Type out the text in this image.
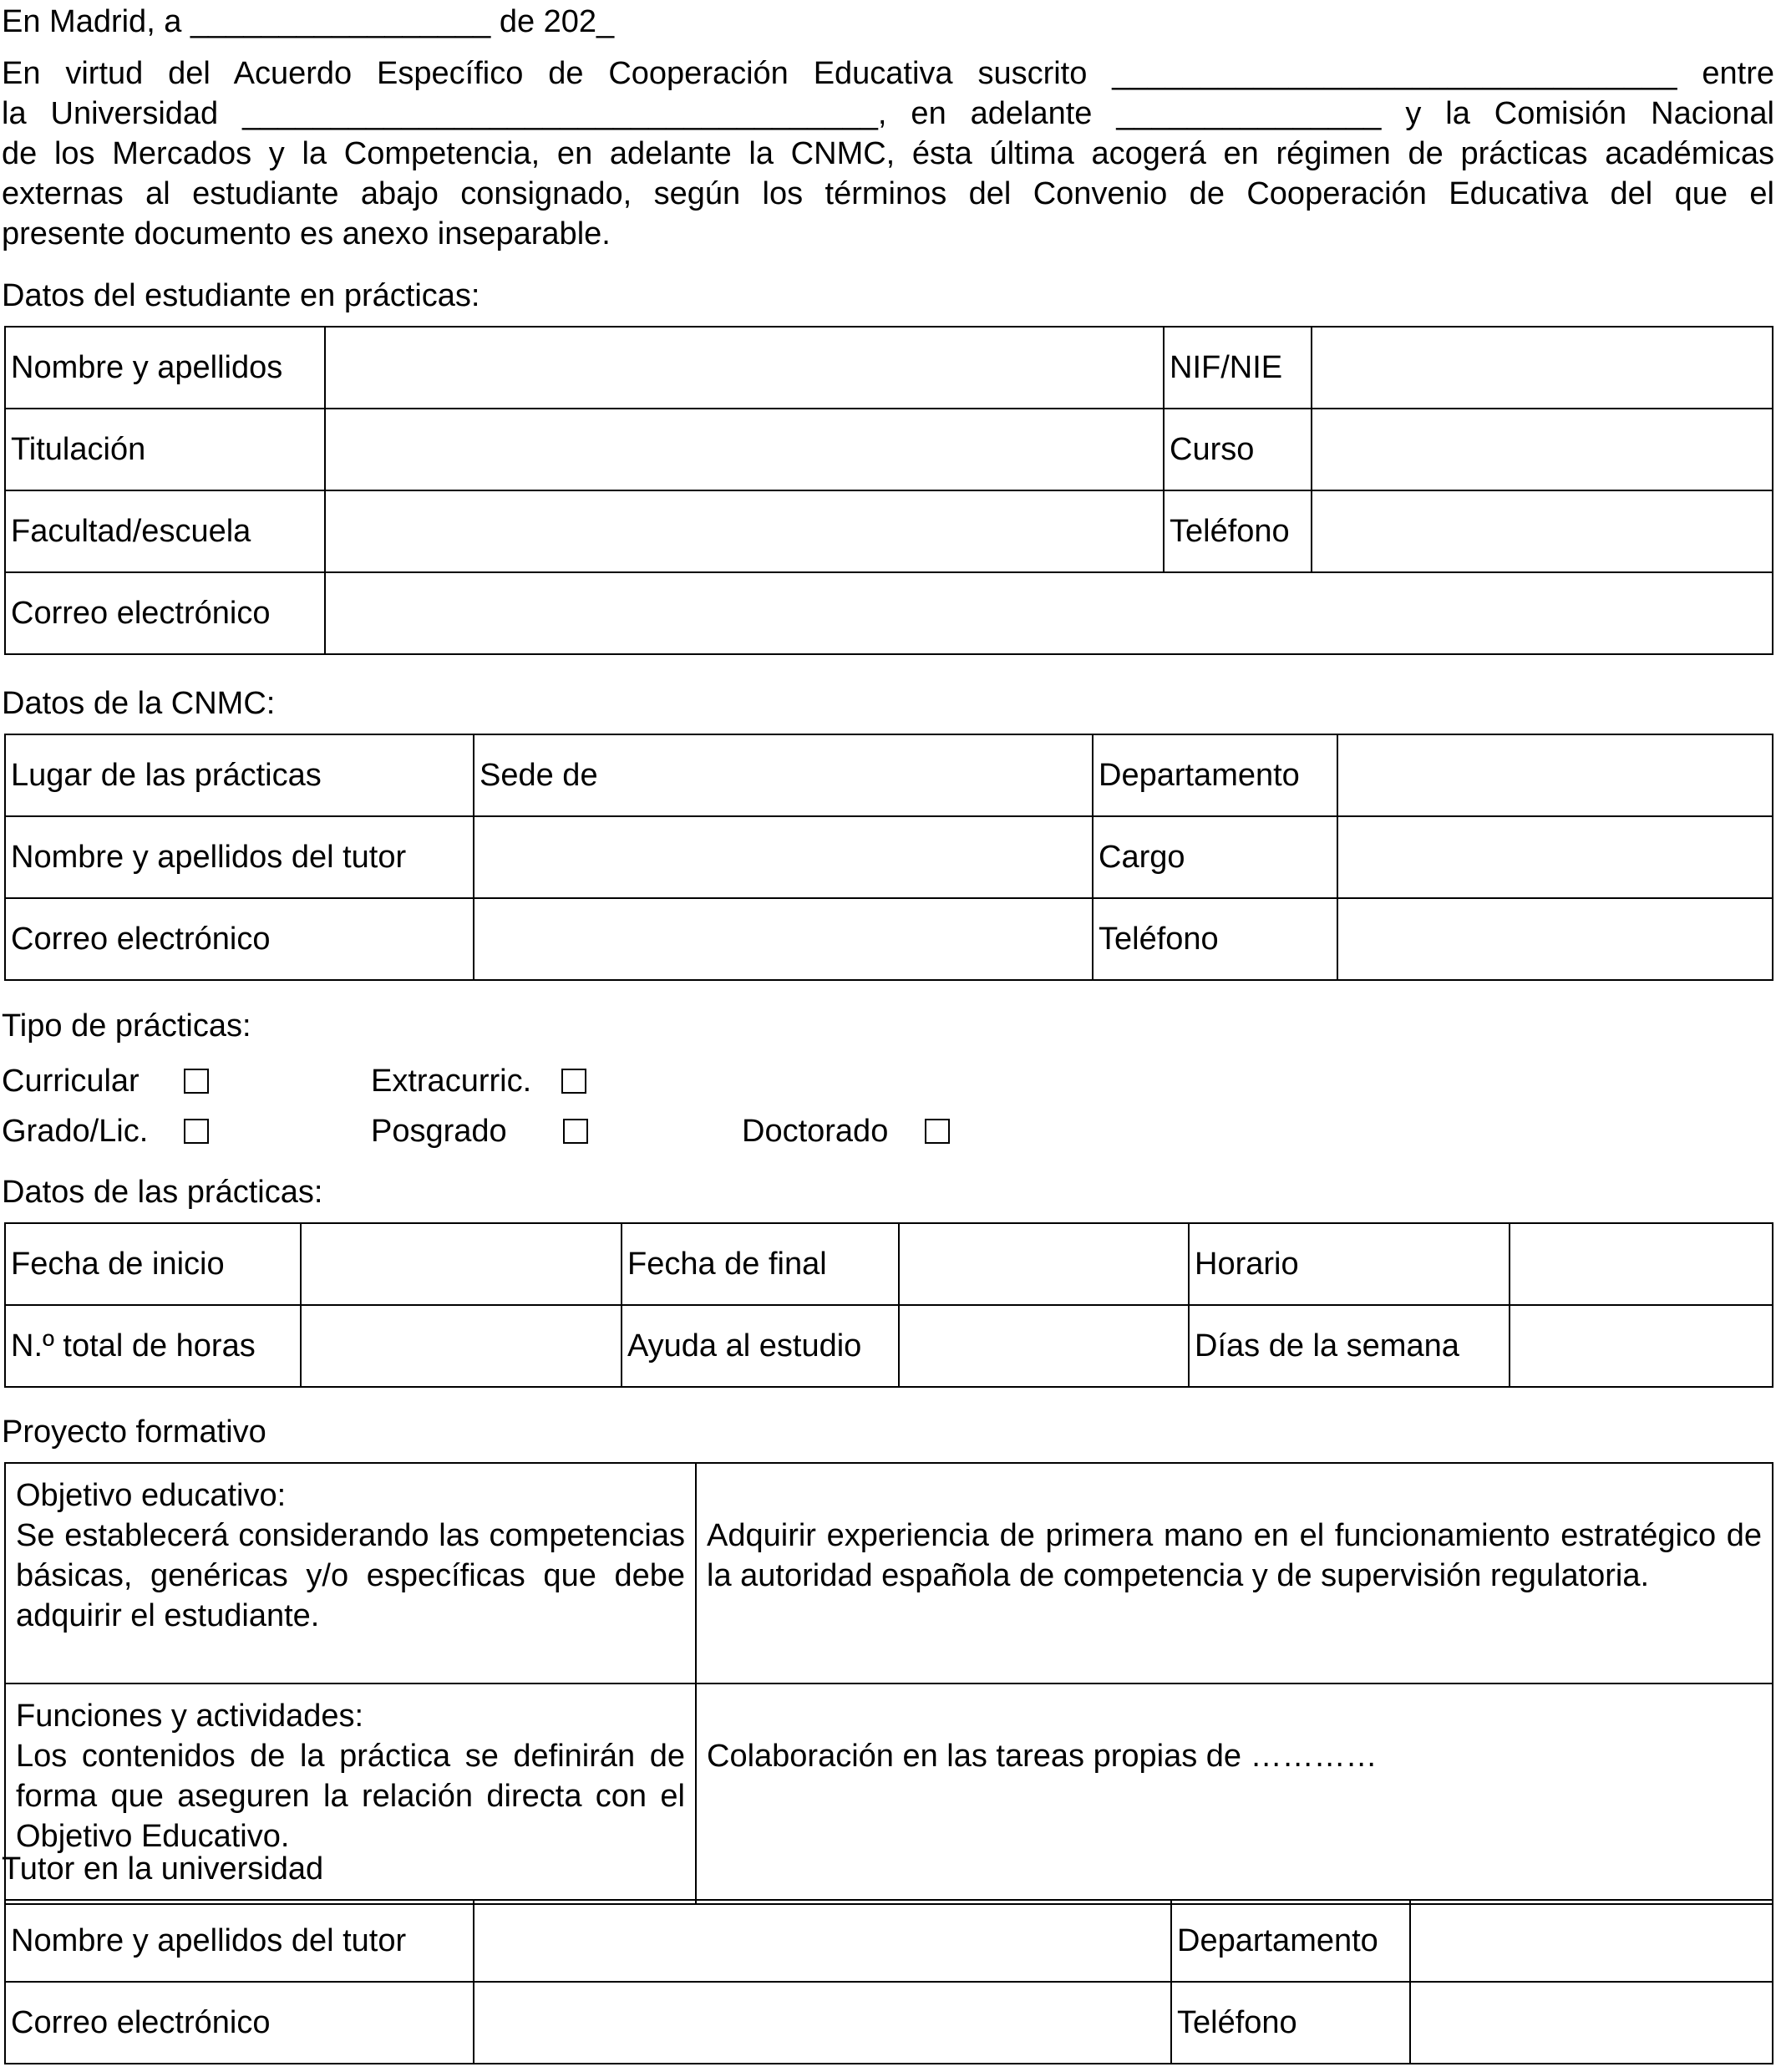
En Madrid, a _________________ de 202_
En virtud del Acuerdo Específico de Cooperación Educativa suscrito ________________________________ entre
la Universidad ____________________________________, en adelante _______________ y la Comisión Nacional
de los Mercados y la Competencia, en adelante la CNMC, ésta última acogerá en régimen de prácticas académicas
externas al estudiante abajo consignado, según los términos del Convenio de Cooperación Educativa del que el
presente documento es anexo inseparable.
Datos del estudiante en prácticas:
Nombre y apellidos		NIF/NIE	
Titulación		Curso	
Facultad/escuela		Teléfono	
Correo electrónico			
Datos de la CNMC:
Lugar de las prácticas	Sede de	Departamento	
Nombre y apellidos del tutor		Cargo	
Correo electrónico		Teléfono	
Tipo de prácticas:
Curricular	Extracurric.
Grado/Lic.	Posgrado	Doctorado
Datos de las prácticas:
Fecha de inicio		Fecha de final		Horario	
N.º total de horas		Ayuda al estudio		Días de la semana	
Proyecto formativo
Objetivo educativo:
Se establecerá considerando las competencias básicas, genéricas y/o específicas que debe adquirir el estudiante.	Adquirir experiencia de primera mano en el funcionamiento estratégico de la autoridad española de competencia y de supervisión regulatoria.

Funciones y actividades:
Los contenidos de la práctica se definirán de forma que aseguren la relación directa con el Objetivo Educativo.	Colaboración en las tareas propias de …………
Tutor en la universidad
Nombre y apellidos del tutor		Departamento	
Correo electrónico		Teléfono	
